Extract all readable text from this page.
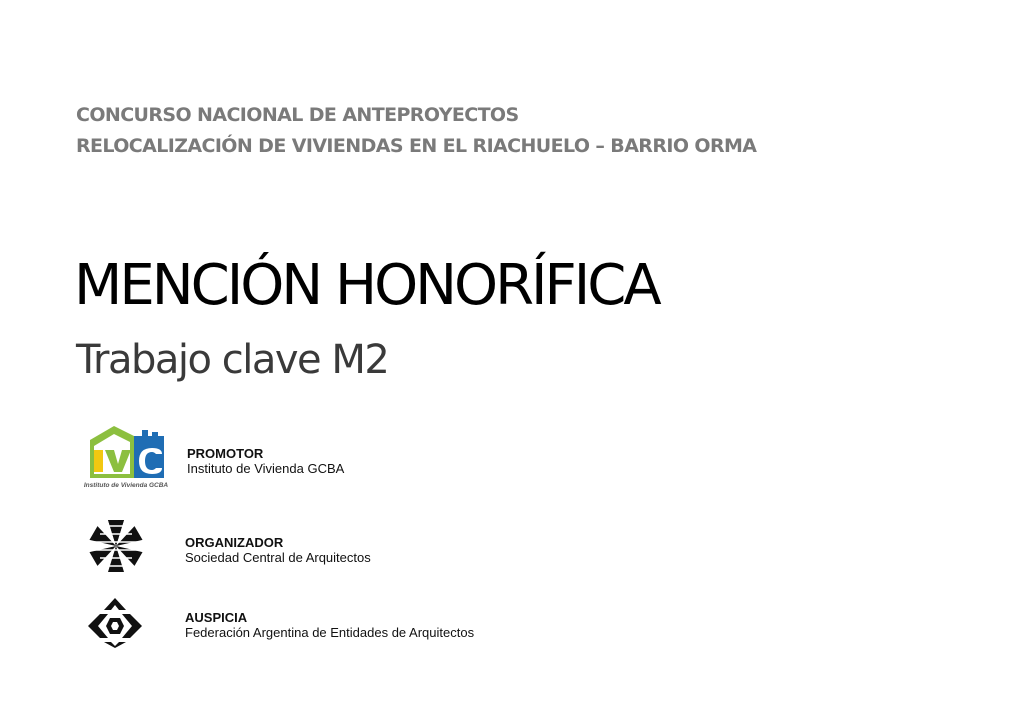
CONCURSO NACIONAL DE ANTEPROYECTOS
RELOCALIZACIÓN DE VIVIENDAS EN EL RIACHUELO – BARRIO ORMA
MENCIÓN HONORÍFICA
Trabajo clave M2
Instituto de Vivienda GCBA
PROMOTOR
Instituto de Vivienda GCBA
ORGANIZADOR
Sociedad Central de Arquitectos
AUSPICIA
Federación Argentina de Entidades de Arquitectos
